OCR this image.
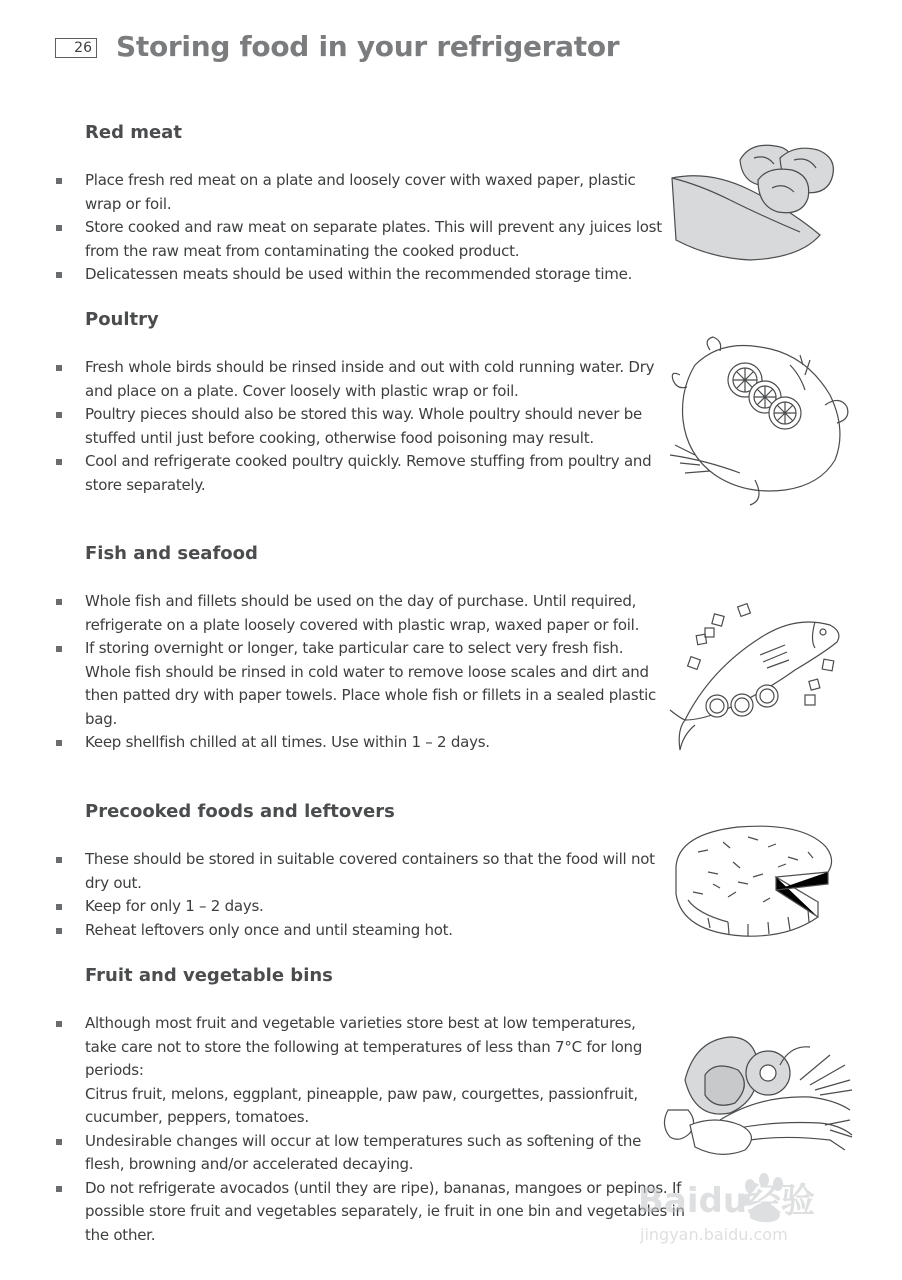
26 Storing food in your refrigerator
Red meat
Place fresh red meat on a plate and loosely cover with waxed paper, plastic wrap or foil.
Store cooked and raw meat on separate plates. This will prevent any juices lost from the raw meat from contaminating the cooked product.
Delicatessen meats should be used within the recommended storage time.
Poultry
Fresh whole birds should be rinsed inside and out with cold running water. Dry and place on a plate. Cover loosely with plastic wrap or foil.
Poultry pieces should also be stored this way. Whole poultry should never be stuffed until just before cooking, otherwise food poisoning may result.
Cool and refrigerate cooked poultry quickly. Remove stuffing from poultry and store separately.
Fish and seafood
Whole fish and fillets should be used on the day of purchase. Until required, refrigerate on a plate loosely covered with plastic wrap, waxed paper or foil.
If storing overnight or longer, take particular care to select very fresh fish. Whole fish should be rinsed in cold water to remove loose scales and dirt and then patted dry with paper towels. Place whole fish or fillets in a sealed plastic bag.
Keep shellfish chilled at all times. Use within 1 – 2 days.
Precooked foods and leftovers
These should be stored in suitable covered containers so that the food will not dry out.
Keep for only 1 – 2 days.
Reheat leftovers only once and until steaming hot.
Fruit and vegetable bins
Although most fruit and vegetable varieties store best at low temperatures, take care not to store the following at temperatures of less than 7°C for long periods:
Citrus fruit, melons, eggplant, pineapple, paw paw, courgettes, passionfruit, cucumber, peppers, tomatoes.
Undesirable changes will occur at low temperatures such as softening of the flesh, browning and/or accelerated decaying.
Do not refrigerate avocados (until they are ripe), bananas, mangoes or pepinos. If possible store fruit and vegetables separately, ie fruit in one bin and vegetables in the other.
Baidu经验
jingyan.baidu.com
